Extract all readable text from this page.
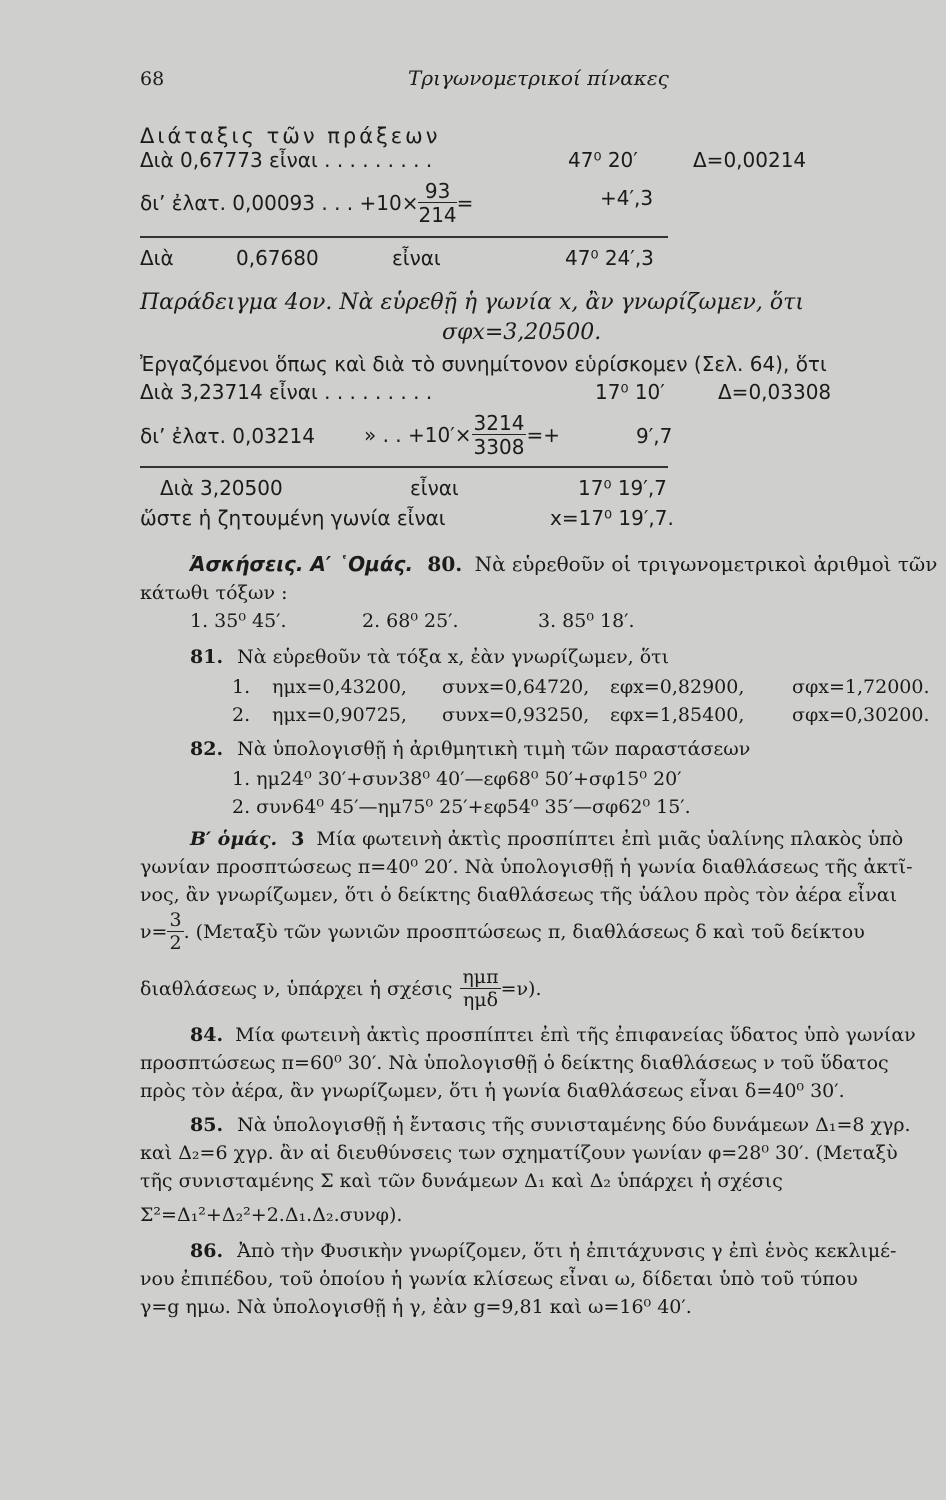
68	Τριγωνομετρικοί πίνακες
Διάταξις τῶν πράξεων
Διὰ 0,67773 εἶναι . . . . . . . . .	47⁰ 20′	Δ=0,00214
δι’ ἐλατ. 0,00093 . . . $+10\times \frac{93}{214}$ =	+4′,3
Διὰ	0,67680	εἶναι	47⁰ 24′,3
Παράδειγμα 4ον. Νὰ εὑρεθῇ ἡ γωνία x, ἂν γνωρίζωμεν, ὅτι
σφx=3,20500.
Ἐργαζόμενοι ὅπως καὶ διὰ τὸ συνημίτονον εὑρίσκομεν (Σελ. 64), ὅτι
Διὰ 3,23714 εἶναι . . . . . . . . .	17⁰ 10′	Δ=0,03308
δι’ ἐλατ. 0,03214 » . . $+10'\times \frac{3214}{3308}$ =+	9′,7
Διὰ 3,20500	εἶναι	17⁰ 19′,7
ὥστε ἡ ζητουμένη γωνία εἶναι	x=17⁰ 19′,7.
Ἀσκήσεις. Α′ ῾Ομάς. 80. Νὰ εὑρεθοῦν οἱ τριγωνομετρικοὶ ἀριθμοὶ τῶν
κάτωθι τόξων :
1. 35⁰ 45′.	2. 68⁰ 25′.	3. 85⁰ 18′.
81. Νὰ εὑρεθοῦν τὰ τόξα x, ἐὰν γνωρίζωμεν, ὅτι
1. ημx=0,43200, συνx=0,64720, εφx=0,82900,	σφx=1,72000.
2. ημx=0,90725, συνx=0,93250, εφx=1,85400,	σφx=0,30200.
82. Νὰ ὑπολογισθῇ ἡ ἀριθμητικὴ τιμὴ τῶν παραστάσεων
1. ημ24⁰ 30′+συν38⁰ 40′—εφ68⁰ 50′+σφ15⁰ 20′
2. συν64⁰ 45′—ημ75⁰ 25′+εφ54⁰ 35′—σφ62⁰ 15′.
Β′ ὁμάς. 3 Μία φωτεινὴ ἀκτὶς προσπίπτει ἐπὶ μιᾶς ὑαλίνης πλακὸς ὑπὸ
γωνίαν προσπτώσεως π=40⁰ 20′. Νὰ ὑπολογισθῇ ἡ γωνία διαθλάσεως τῆς ἀκτῖ-
νος, ἂν γνωρίζωμεν, ὅτι ὁ δείκτης διαθλάσεως τῆς ὑάλου πρὸς τὸν ἀέρα εἶναι
$\nu= \frac{3}{2}$ . (Μεταξὺ τῶν γωνιῶν προσπτώσεως π, διαθλάσεως δ καὶ τοῦ δείκτου
διαθλάσεως ν, ὑπάρχει ἡ σχέσις $\frac{\text{ημπ}}{\text{ημδ}} =\nu$).
84. Μία φωτεινὴ ἀκτὶς προσπίπτει ἐπὶ τῆς ἐπιφανείας ὕδατος ὑπὸ γωνίαν
προσπτώσεως π=60⁰ 30′. Νὰ ὑπολογισθῇ ὁ δείκτης διαθλάσεως ν τοῦ ὕδατος
πρὸς τὸν ἀέρα, ἂν γνωρίζωμεν, ὅτι ἡ γωνία διαθλάσεως εἶναι δ=40⁰ 30′.
85. Νὰ ὑπολογισθῇ ἡ ἔντασις τῆς συνισταμένης δύο δυνάμεων Δ₁=8 χγρ.
καὶ Δ₂=6 χγρ. ἂν αἱ διευθύνσεις των σχηματίζουν γωνίαν φ=28⁰ 30′. (Μεταξὺ
τῆς συνισταμένης Σ καὶ τῶν δυνάμεων Δ₁ καὶ Δ₂ ὑπάρχει ἡ σχέσις
Σ²=Δ₁²+Δ₂²+2.Δ₁.Δ₂.συνφ).
86. Ἀπὸ τὴν Φυσικὴν γνωρίζομεν, ὅτι ἡ ἐπιτάχυνσις γ ἐπὶ ἑνὸς κεκλιμέ-
νου ἐπιπέδου, τοῦ ὁποίου ἡ γωνία κλίσεως εἶναι ω, δίδεται ὑπὸ τοῦ τύπου
γ=g ημω. Νὰ ὑπολογισθῇ ἡ γ, ἐὰν g=9,81 καὶ ω=16⁰ 40′.
